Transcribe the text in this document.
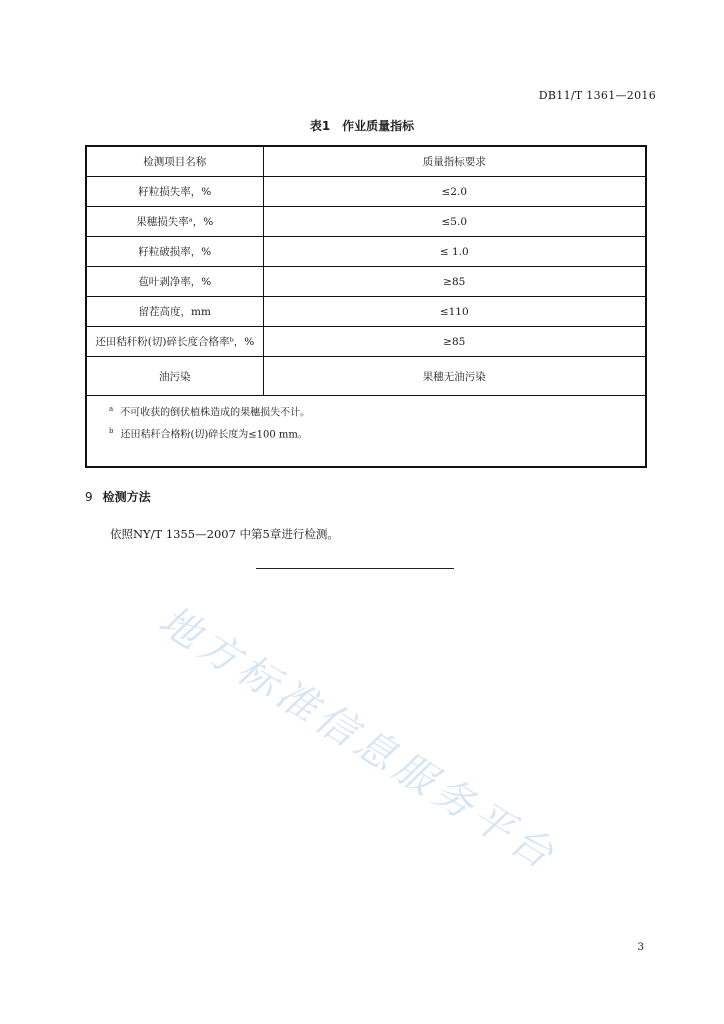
DB11/T 1361—2016
表1 作业质量指标
检测项目名称	质量指标要求
籽粒损失率，%	≤2.0
果穗损失率ᵃ，%	≤5.0
籽粒破损率，%	≤ 1.0
苞叶剥净率，%	≥85
留茬高度，mm	≤110
还田秸秆粉(切)碎长度合格率ᵇ，%	≥85
油污染	果穗无油污染

$^a$ 不可收获的倒伏植株造成的果穗损失不计。
$^b$ 还田秸秆合格粉(切)碎长度为≤100 mm。	
9 检测方法
依照NY/T 1355—2007 中第5章进行检测。
3
地方标准信息服务平台
